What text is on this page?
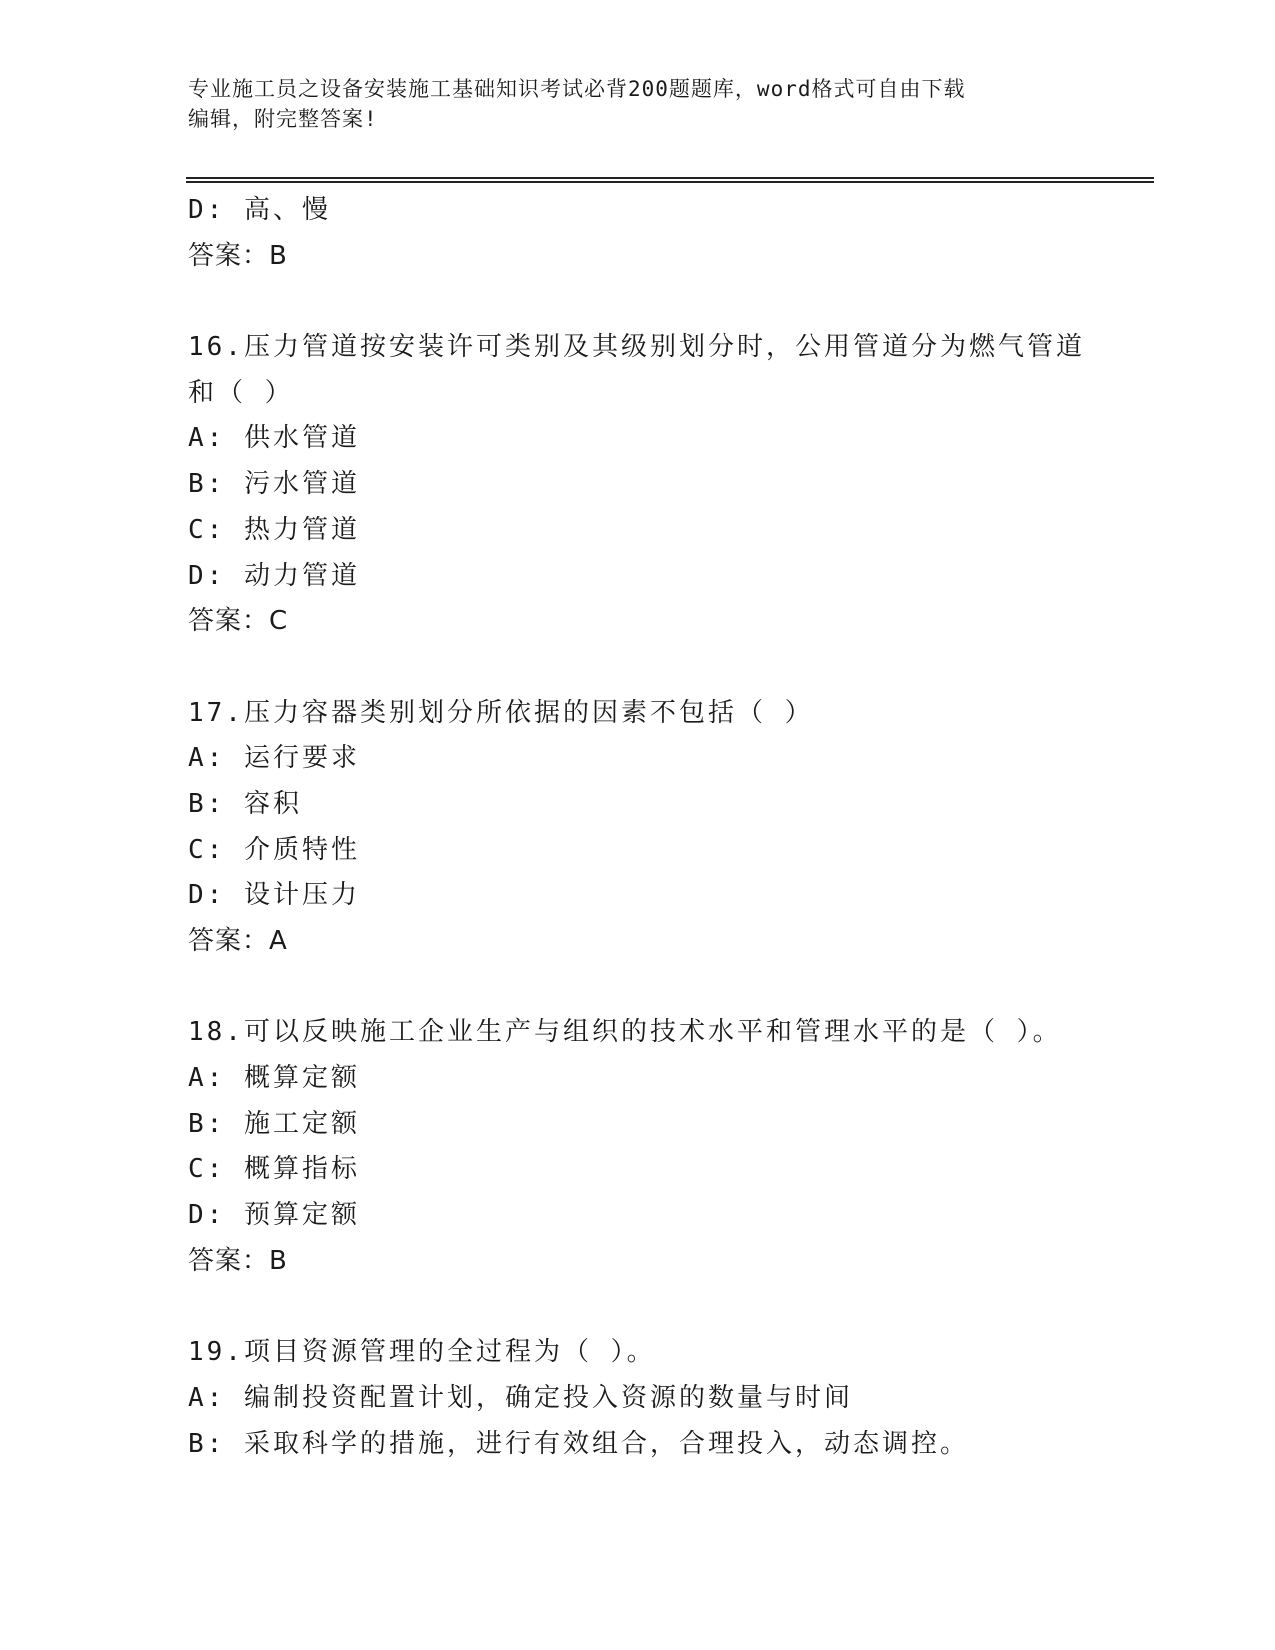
专业施工员之设备安装施工基础知识考试必背200题题库，word格式可自由下载
编辑，附完整答案!
D: 高、慢
答案：B
16.压力管道按安装许可类别及其级别划分时，公用管道分为燃气管道
和（ ）
A: 供水管道
B: 污水管道
C: 热力管道
D: 动力管道
答案：C
17.压力容器类别划分所依据的因素不包括（ ）
A: 运行要求
B: 容积
C: 介质特性
D: 设计压力
答案：A
18.可以反映施工企业生产与组织的技术水平和管理水平的是（ ）。
A: 概算定额
B: 施工定额
C: 概算指标
D: 预算定额
答案：B
19.项目资源管理的全过程为（ ）。
A: 编制投资配置计划，确定投入资源的数量与时间
B: 采取科学的措施，进行有效组合，合理投入，动态调控。
